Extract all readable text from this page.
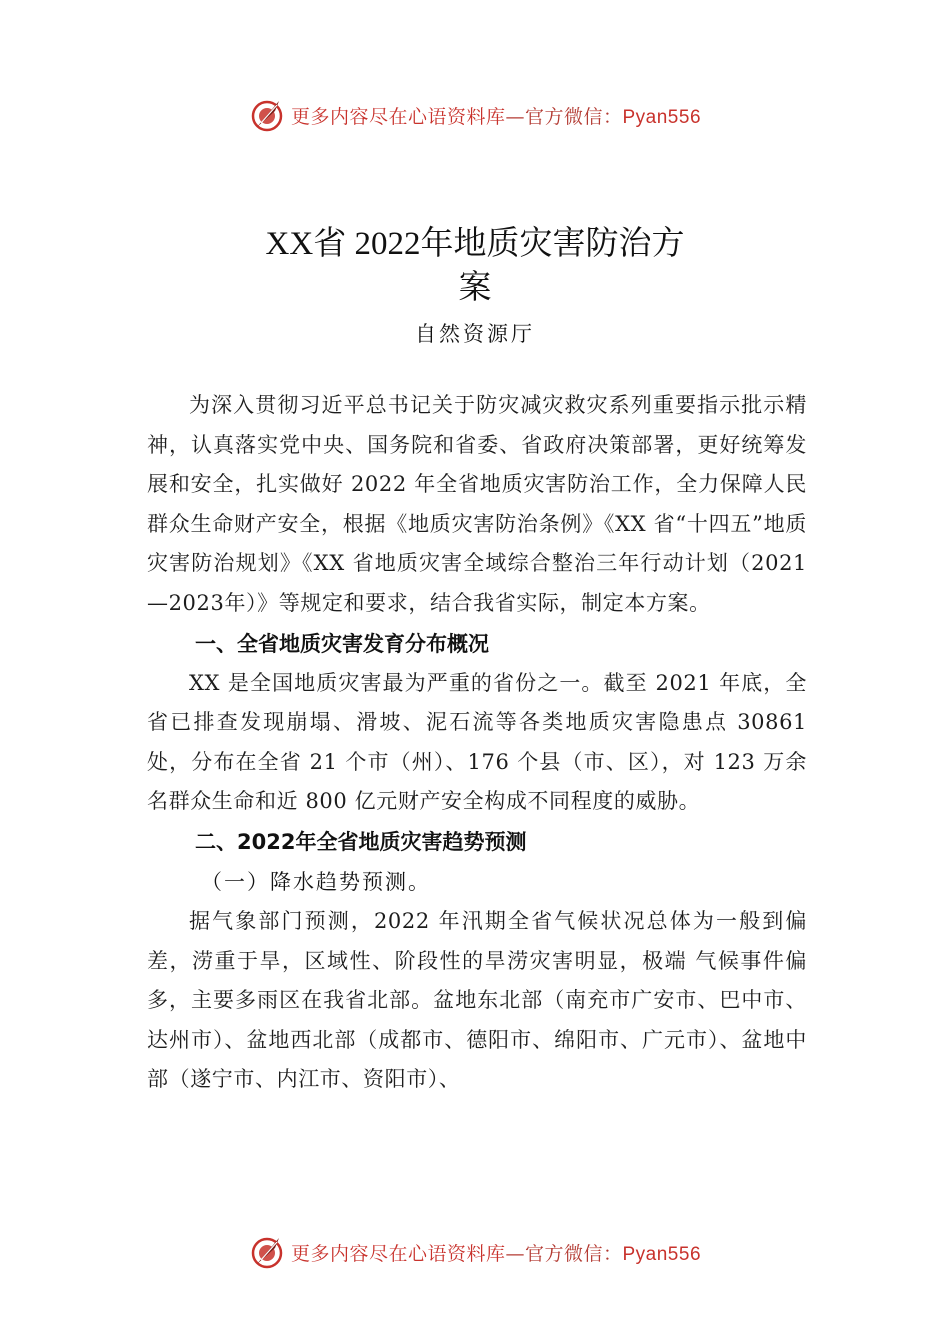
更多内容尽在心语资料库—官方微信：Pyan556
XX省 2022年地质灾害防治方
案
自然资源厅

为深入贯彻习近平总书记关于防灾减灾救灾系列重要指示批示精神，认真落实党中央、国务院和省委、省政府决策部署，更好统筹发展和安全，扎实做好 2022 年全省地质灾害防治工作，全力保障人民群众生命财产安全，根据《地质灾害防治条例》《XX 省“十四五”地质灾害防治规划》《XX 省地质灾害全域综合整治三年行动计划（2021—2023年）》等规定和要求，结合我省实际，制定本方案。

一、全省地质灾害发育分布概况

XX 是全国地质灾害最为严重的省份之一。截至 2021 年底，全省已排查发现崩塌、滑坡、泥石流等各类地质灾害隐患点 30861 处，分布在全省 21 个市（州）、176 个县（市、区），对 123 万余名群众生命和近 800 亿元财产安全构成不同程度的威胁。

二、2022年全省地质灾害趋势预测

（一）降水趋势预测。

据气象部门预测，2022 年汛期全省气候状况总体为一般到偏差，涝重于旱，区域性、阶段性的旱涝灾害明显，极端 气候事件偏多，主要多雨区在我省北部。盆地东北部（南充市广安市、巴中市、达州市）、盆地西北部（成都市、德阳市、绵阳市、广元市）、盆地中部（遂宁市、内江市、资阳市）、

更多内容尽在心语资料库—官方微信：Pyan556
